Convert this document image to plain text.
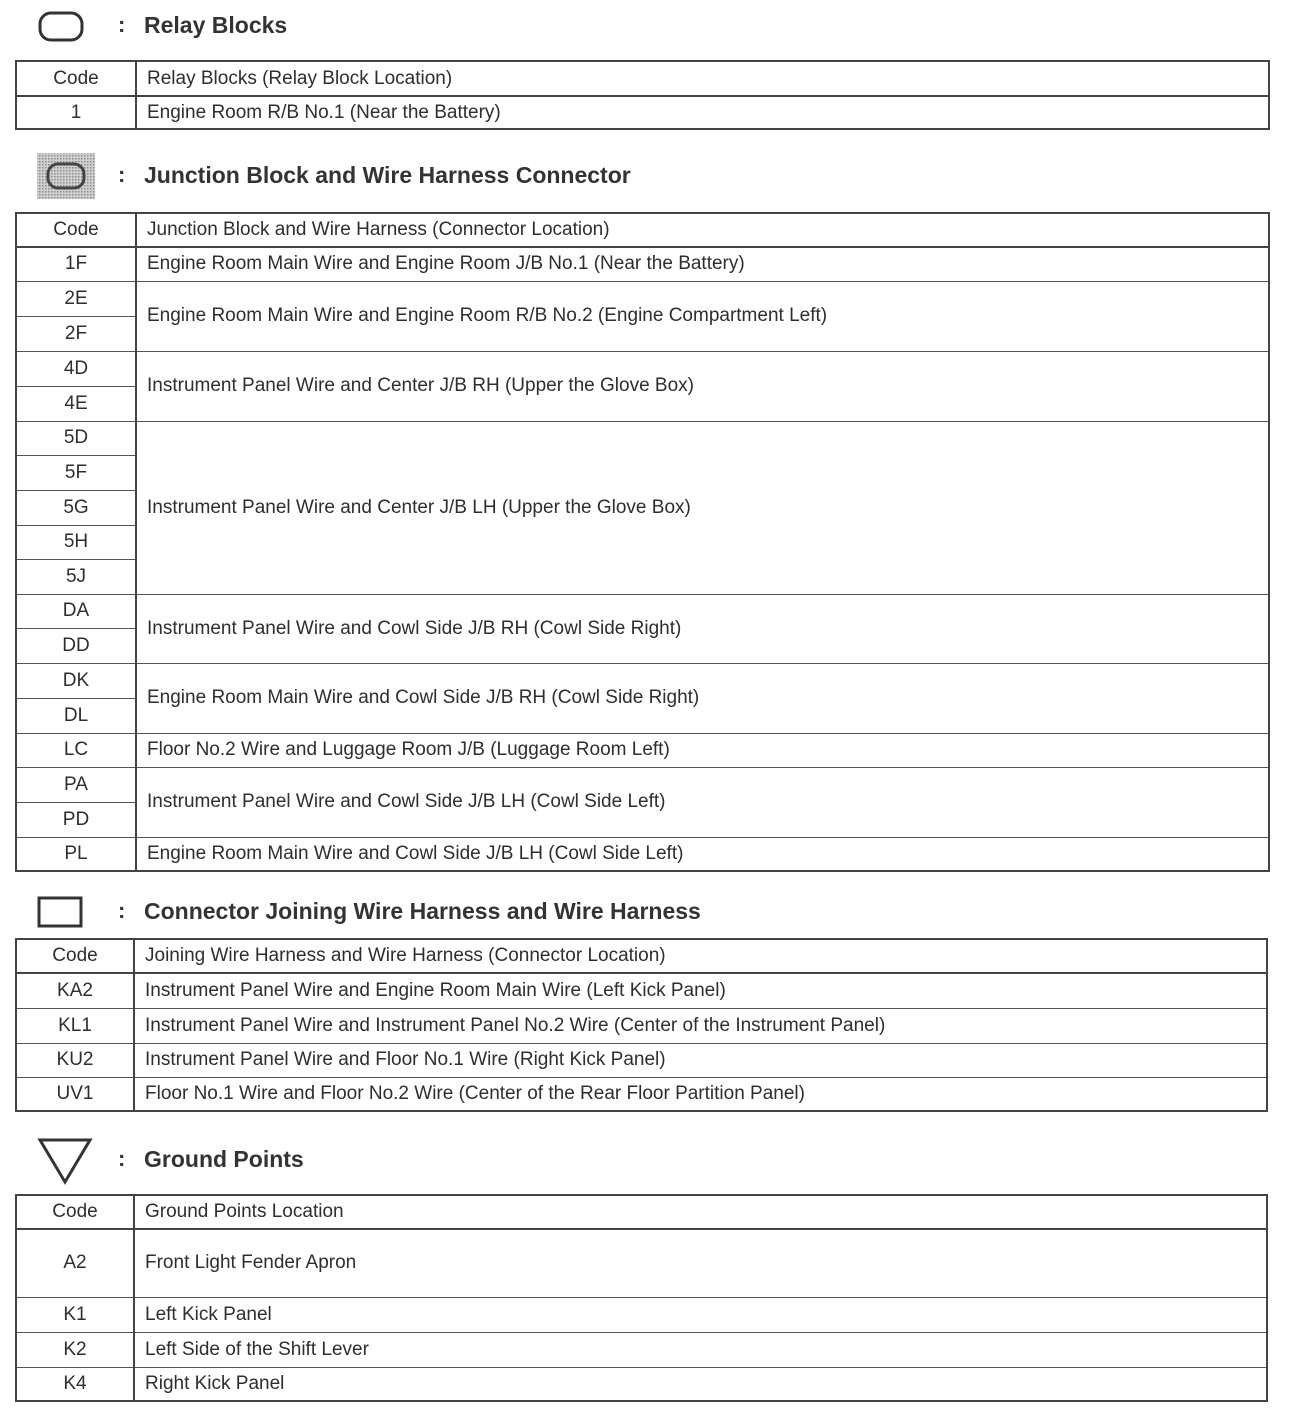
: Relay Blocks
Code	Relay Blocks (Relay Block Location)
1	Engine Room R/B No.1 (Near the Battery)
: Junction Block and Wire Harness Connector
Code	Junction Block and Wire Harness (Connector Location)
1F	Engine Room Main Wire and Engine Room J/B No.1 (Near the Battery)
2E	Engine Room Main Wire and Engine Room R/B No.2 (Engine Compartment Left)
2F	
4D	Instrument Panel Wire and Center J/B RH (Upper the Glove Box)
4E	
5D	Instrument Panel Wire and Center J/B LH (Upper the Glove Box)
5F	
5G	
5H	
5J	
DA	Instrument Panel Wire and Cowl Side J/B RH (Cowl Side Right)
DD	
DK	Engine Room Main Wire and Cowl Side J/B RH (Cowl Side Right)
DL	
LC	Floor No.2 Wire and Luggage Room J/B (Luggage Room Left)
PA	Instrument Panel Wire and Cowl Side J/B LH (Cowl Side Left)
PD	
PL	Engine Room Main Wire and Cowl Side J/B LH (Cowl Side Left)
: Connector Joining Wire Harness and Wire Harness
Code	Joining Wire Harness and Wire Harness (Connector Location)
KA2	Instrument Panel Wire and Engine Room Main Wire (Left Kick Panel)
KL1	Instrument Panel Wire and Instrument Panel No.2 Wire (Center of the Instrument Panel)
KU2	Instrument Panel Wire and Floor No.1 Wire (Right Kick Panel)
UV1	Floor No.1 Wire and Floor No.2 Wire (Center of the Rear Floor Partition Panel)
: Ground Points
Code	Ground Points Location
A2	Front Light Fender Apron
K1	Left Kick Panel
K2	Left Side of the Shift Lever
K4	Right Kick Panel
